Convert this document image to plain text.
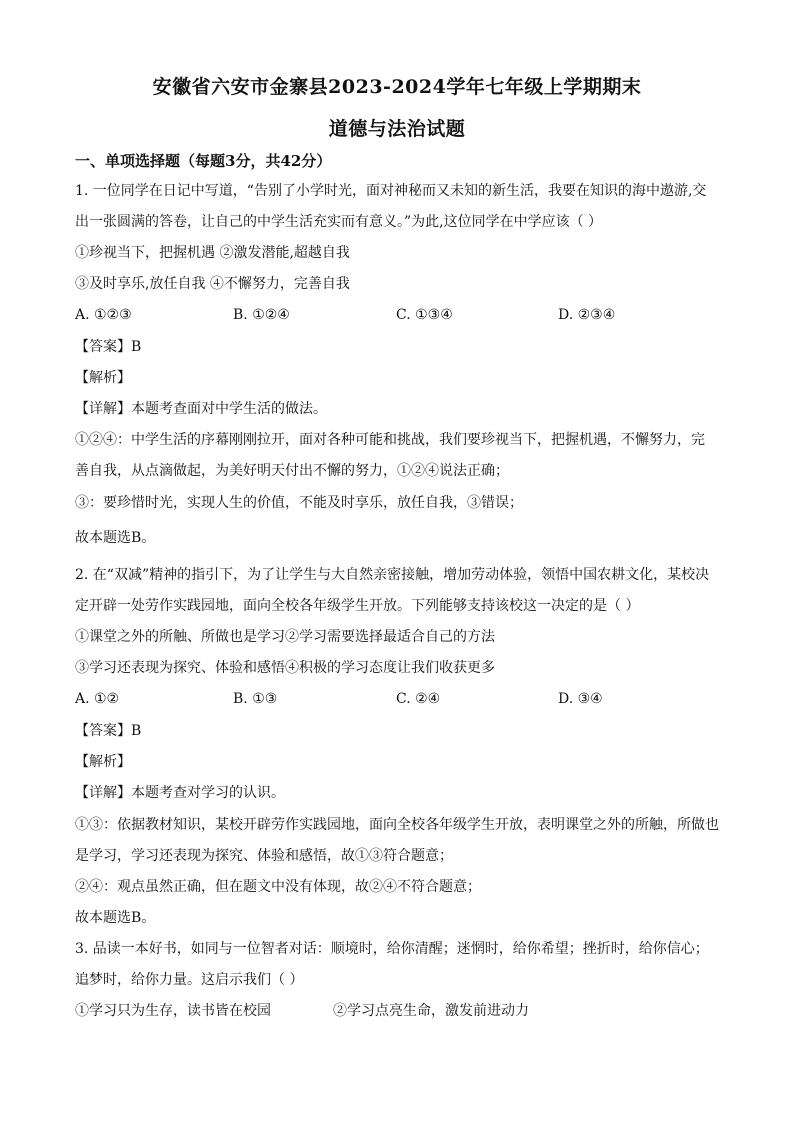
安徽省六安市金寨县2023-2024学年七年级上学期期末
道德与法治试题
一、单项选择题（每题3分，共42分）
1. 一位同学在日记中写道，“告别了小学时光，面对神秘而又未知的新生活，我要在知识的海中遨游,交
出一张圆满的答卷，让自己的中学生活充实而有意义。”为此,这位同学在中学应该（ ）
①珍视当下，把握机遇 ②激发潜能,超越自我
③及时享乐,放任自我 ④不懈努力，完善自我
A. ①②③	B. ①②④	C. ①③④	D. ②③④
【答案】B
【解析】
【详解】本题考查面对中学生活的做法。
①②④：中学生活的序幕刚刚拉开，面对各种可能和挑战，我们要珍视当下，把握机遇，不懈努力，完
善自我，从点滴做起，为美好明天付出不懈的努力，①②④说法正确；
③：要珍惜时光，实现人生的价值，不能及时享乐，放任自我，③错误；
故本题选B。
2. 在“双减”精神的指引下，为了让学生与大自然亲密接触，增加劳动体验，领悟中国农耕文化，某校决
定开辟一处劳作实践园地，面向全校各年级学生开放。下列能够支持该校这一决定的是（ ）
①课堂之外的所触、所做也是学习②学习需要选择最适合自己的方法
③学习还表现为探究、体验和感悟④积极的学习态度让我们收获更多
A. ①②	B. ①③	C. ②④	D. ③④
【答案】B
【解析】
【详解】本题考查对学习的认识。
①③：依据教材知识，某校开辟劳作实践园地，面向全校各年级学生开放，表明课堂之外的所触，所做也
是学习，学习还表现为探究、体验和感悟，故①③符合题意；
②④：观点虽然正确，但在题文中没有体现，故②④不符合题意；
故本题选B。
3. 品读一本好书，如同与一位智者对话：顺境时，给你清醒；迷惘时，给你希望；挫折时，给你信心；
追梦时，给你力量。这启示我们（ ）
①学习只为生存，读书皆在校园	②学习点亮生命，激发前进动力
